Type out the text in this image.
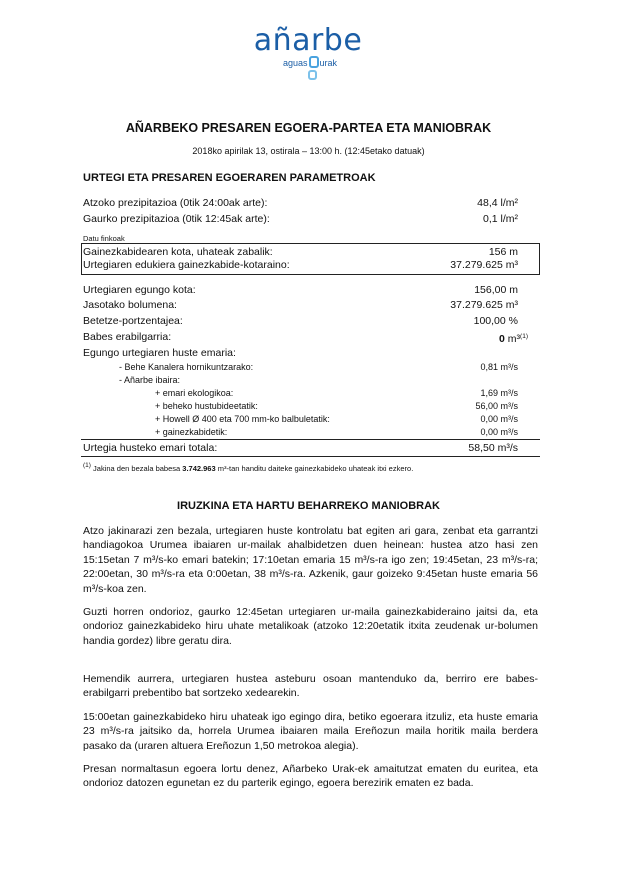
añarbe
aguas urak
AÑARBEKO PRESAREN EGOERA-PARTEA ETA MANIOBRAK
2018ko apirilak 13, ostirala – 13:00 h. (12:45etako datuak)
URTEGI ETA PRESAREN EGOERAREN PARAMETROAK
Atzoko prezipitazioa (0tik 24:00ak arte):	48,4 l/m²
Gaurko prezipitazioa (0tik 12:45ak arte):	0,1 l/m²
Datu finkoak
Gainezkabidearen kota, uhateak zabalik:	156 m
Urtegiaren edukiera gainezkabide-kotaraino:	37.279.625 m³
Urtegiaren egungo kota:	156,00 m
Jasotako bolumena:	37.279.625 m³
Betetze-portzentajea:	100,00 %
Babes erabilgarria:	0 m³$^{(1)}$
Egungo urtegiaren huste emaria:
- Behe Kanalera hornikuntzarako:	0,81 m³/s
- Añarbe ibaira:
+ emari ekologikoa:	1,69 m³/s
+ beheko hustubideetatik:	56,00 m³/s
+ Howell Ø 400 eta 700 mm-ko balbuletatik:	0,00 m³/s
+ gainezkabidetik:	0,00 m³/s
Urtegia husteko emari totala:	58,50 m³/s
(1) Jakina den bezala babesa 3.742.963 m³-tan handitu daiteke gainezkabideko uhateak itxi ezkero.
IRUZKINA ETA HARTU BEHARREKO MANIOBRAK
Atzo jakinarazi zen bezala, urtegiaren huste kontrolatu bat egiten ari gara, zenbat eta garrantzi handiagokoa Urumea ibaiaren ur-mailak ahalbidetzen duen heinean: hustea atzo hasi zen 15:15etan 7 m³/s-ko emari batekin; 17:10etan emaria 15 m³/s-ra igo zen; 19:45etan, 23 m³/s-ra; 22:00etan, 30 m³/s-ra eta 0:00etan, 38 m³/s-ra. Azkenik, gaur goizeko 9:45etan huste emaria 56 m³/s-koa zen.
Guzti horren ondorioz, gaurko 12:45etan urtegiaren ur-maila gainezkabideraino jaitsi da, eta ondorioz gainezkabideko hiru uhate metalikoak (atzoko 12:20etatik itxita zeudenak ur-bolumen handia gordez) libre geratu dira.
Hemendik aurrera, urtegiaren hustea asteburu osoan mantenduko da, berriro ere babes-erabilgarri prebentibo bat sortzeko xedearekin.
15:00etan gainezkabideko hiru uhateak igo egingo dira, betiko egoerara itzuliz, eta huste emaria 23 m³/s-ra jaitsiko da, horrela Urumea ibaiaren maila Ereñozun maila horitik maila berdera pasako da (uraren altuera Ereñozun 1,50 metrokoa alegia).
Presan normaltasun egoera lortu denez, Añarbeko Urak-ek amaitutzat ematen du euritea, eta ondorioz datozen egunetan ez du parterik egingo, egoera berezirik ematen ez bada.
